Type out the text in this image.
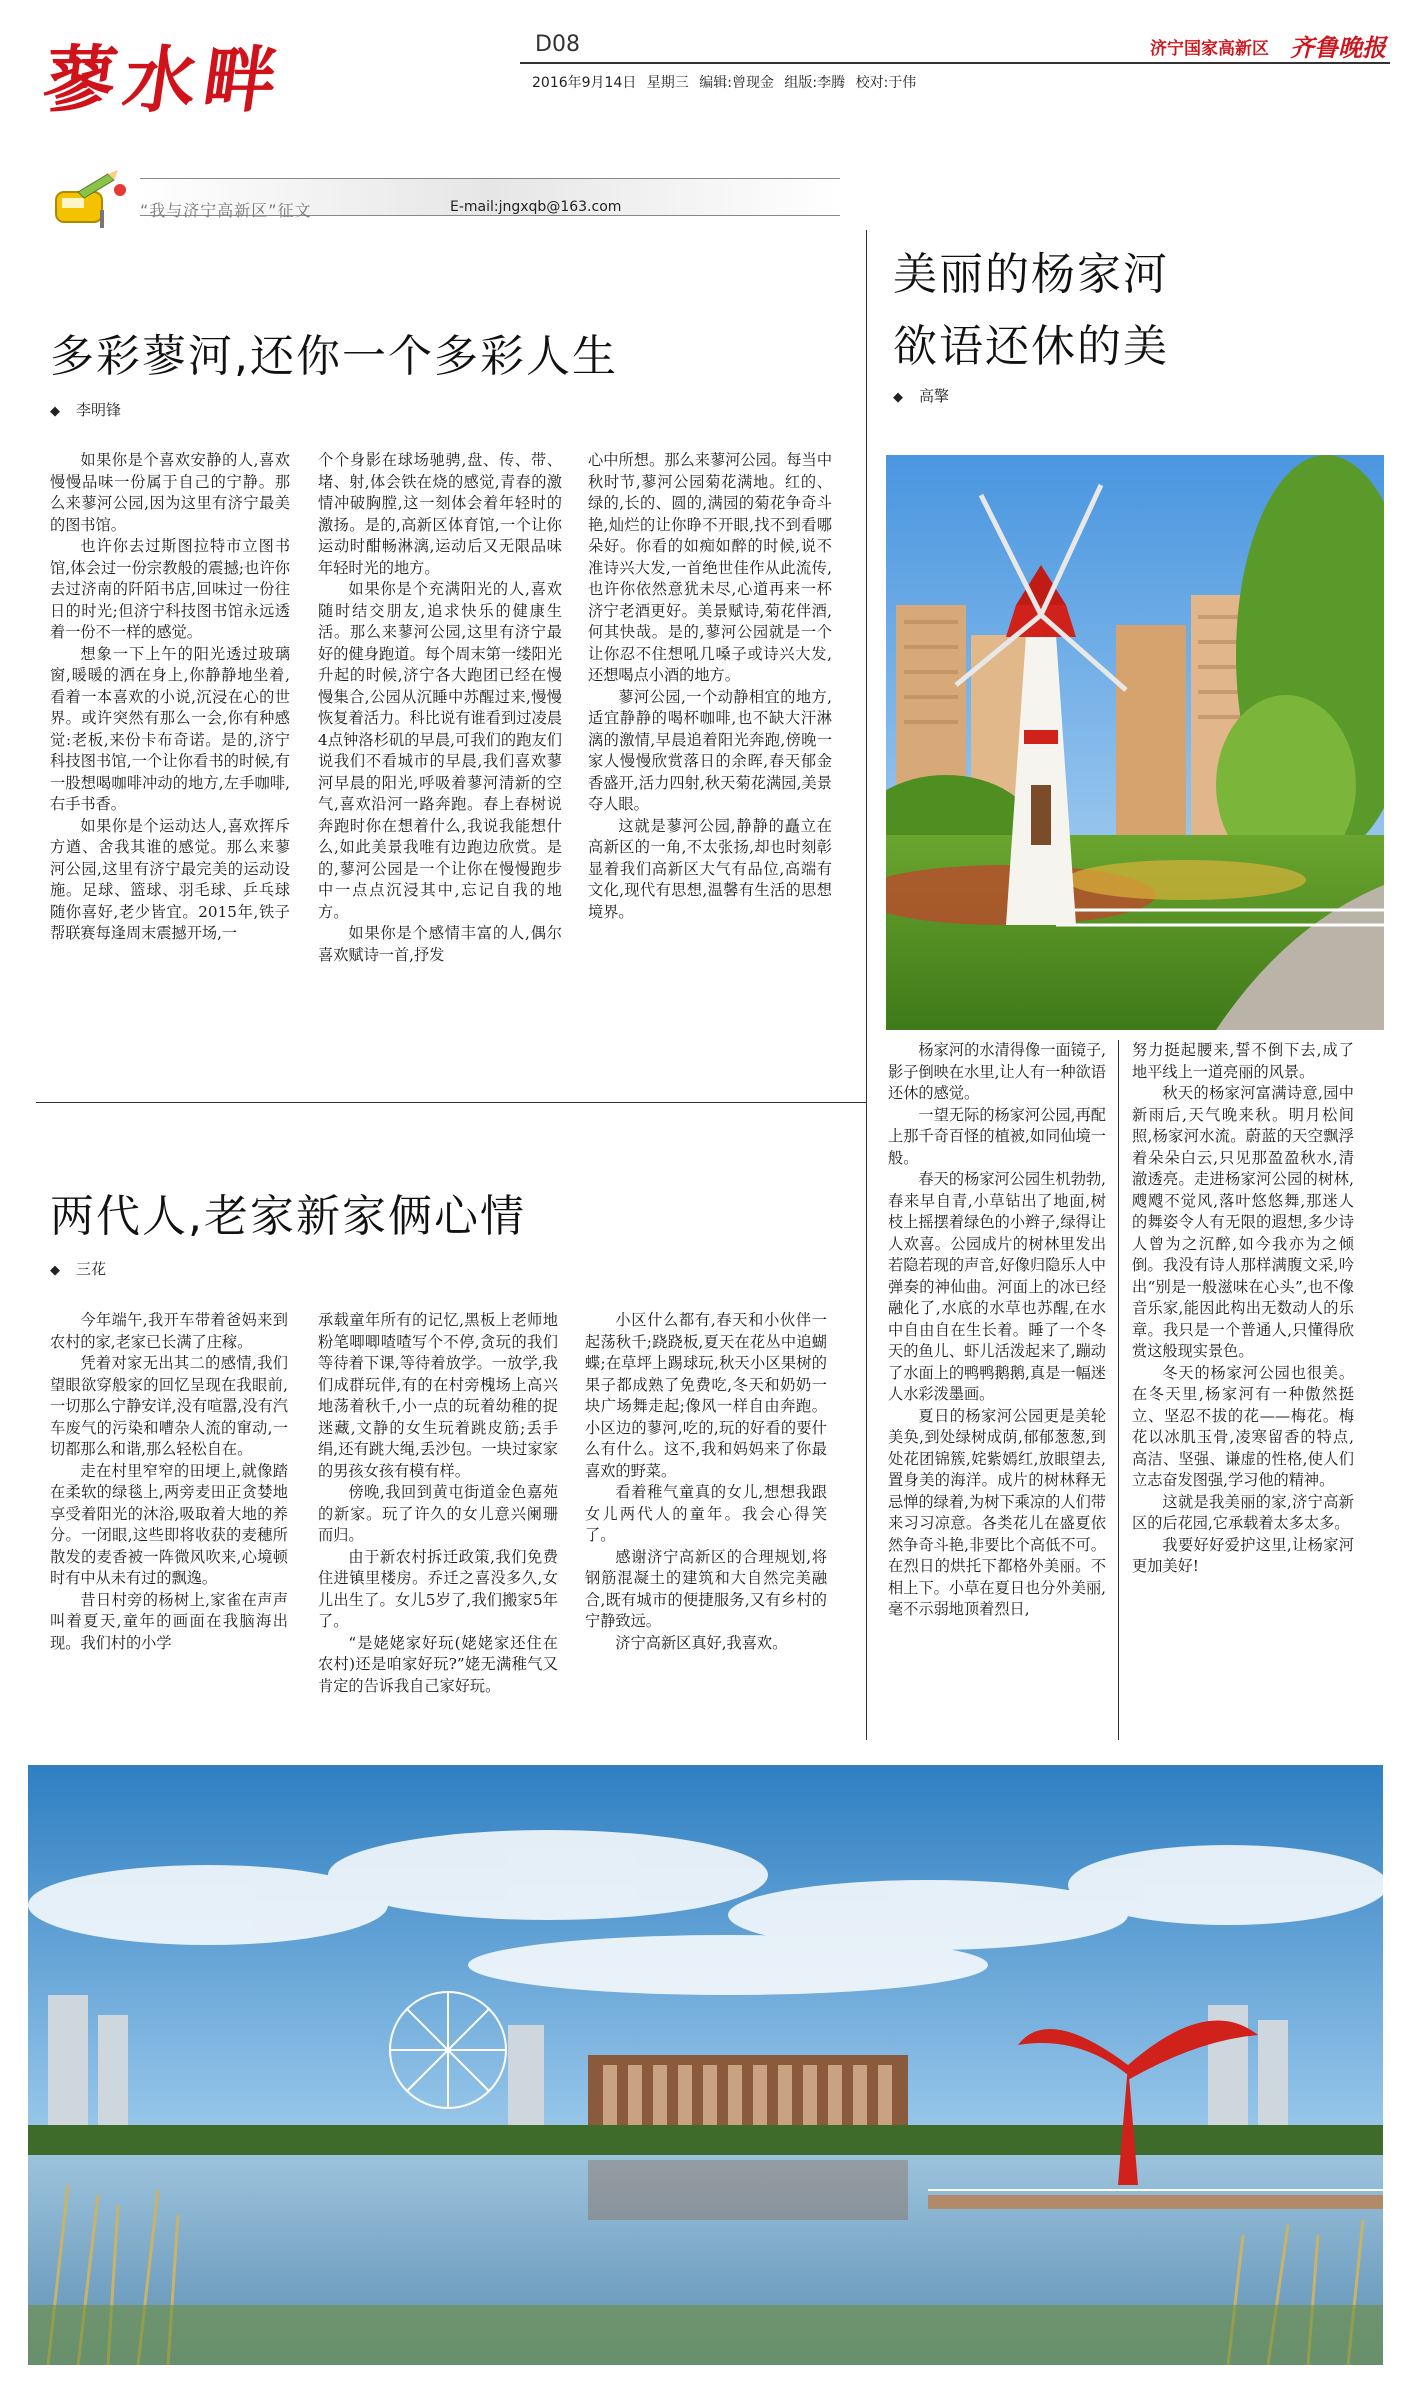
蓼水畔	D08
2016年9月14日 星期三 编辑:曾现金 组版:李腾 校对:于伟
济宁国家高新区 齐鲁晚报
“我与济宁高新区”征文	E-mail:jngxqb@163.com
多彩蓼河,还你一个多彩人生
◆ 李明锋

如果你是个喜欢安静的人,喜欢慢慢品味一份属于自己的宁静。那么来蓼河公园,因为这里有济宁最美的图书馆。

也许你去过斯图拉特市立图书馆,体会过一份宗教般的震撼;也许你去过济南的阡陌书店,回味过一份往日的时光;但济宁科技图书馆永远透着一份不一样的感觉。

想象一下上午的阳光透过玻璃窗,暖暖的洒在身上,你静静地坐着,看着一本喜欢的小说,沉浸在心的世界。或许突然有那么一会,你有种感觉:老板,来份卡布奇诺。是的,济宁科技图书馆,一个让你看书的时候,有一股想喝咖啡冲动的地方,左手咖啡,右手书香。

如果你是个运动达人,喜欢挥斥方遒、舍我其谁的感觉。那么来蓼河公园,这里有济宁最完美的运动设施。足球、篮球、羽毛球、乒乓球随你喜好,老少皆宜。2015年,铁子帮联赛每逢周末震撼开场,一

个个身影在球场驰骋,盘、传、带、堵、射,体会铁在烧的感觉,青春的激情冲破胸膛,这一刻体会着年轻时的激扬。是的,高新区体育馆,一个让你运动时酣畅淋漓,运动后又无限品味年轻时光的地方。

如果你是个充满阳光的人,喜欢随时结交朋友,追求快乐的健康生活。那么来蓼河公园,这里有济宁最好的健身跑道。每个周末第一缕阳光升起的时候,济宁各大跑团已经在慢慢集合,公园从沉睡中苏醒过来,慢慢恢复着活力。科比说有谁看到过凌晨4点钟洛杉矶的早晨,可我们的跑友们说我们不看城市的早晨,我们喜欢蓼河早晨的阳光,呼吸着蓼河清新的空气,喜欢沿河一路奔跑。春上春树说奔跑时你在想着什么,我说我能想什么,如此美景我唯有边跑边欣赏。是的,蓼河公园是一个让你在慢慢跑步中一点点沉浸其中,忘记自我的地方。

如果你是个感情丰富的人,偶尔喜欢赋诗一首,抒发

心中所想。那么来蓼河公园。每当中秋时节,蓼河公园菊花满地。红的、绿的,长的、圆的,满园的菊花争奇斗艳,灿烂的让你睁不开眼,找不到看哪朵好。你看的如痴如醉的时候,说不准诗兴大发,一首绝世佳作从此流传,也许你依然意犹未尽,心道再来一杯济宁老酒更好。美景赋诗,菊花伴酒,何其快哉。是的,蓼河公园就是一个让你忍不住想吼几嗓子或诗兴大发,还想喝点小酒的地方。

蓼河公园,一个动静相宜的地方,适宜静静的喝杯咖啡,也不缺大汗淋漓的激情,早晨追着阳光奔跑,傍晚一家人慢慢欣赏落日的余晖,春天郁金香盛开,活力四射,秋天菊花满园,美景夺人眼。

这就是蓼河公园,静静的矗立在高新区的一角,不太张扬,却也时刻彰显着我们高新区大气有品位,高端有文化,现代有思想,温馨有生活的思想境界。

美丽的杨家河
欲语还休的美
◆ 高擎

杨家河的水清得像一面镜子,影子倒映在水里,让人有一种欲语还休的感觉。

一望无际的杨家河公园,再配上那千奇百怪的植被,如同仙境一般。

春天的杨家河公园生机勃勃,春来早自青,小草钻出了地面,树枝上摇摆着绿色的小辫子,绿得让人欢喜。公园成片的树林里发出若隐若现的声音,好像归隐乐人中弹奏的神仙曲。河面上的冰已经融化了,水底的水草也苏醒,在水中自由自在生长着。睡了一个冬天的鱼儿、虾儿活泼起来了,蹦动了水面上的鸭鸭鹅鹅,真是一幅迷人水彩泼墨画。

夏日的杨家河公园更是美轮美奂,到处绿树成荫,郁郁葱葱,到处花团锦簇,姹紫嫣红,放眼望去,置身美的海洋。成片的树林释无忌惮的绿着,为树下乘凉的人们带来习习凉意。各类花儿在盛夏依然争奇斗艳,非要比个高低不可。在烈日的烘托下都格外美丽。不相上下。小草在夏日也分外美丽,毫不示弱地顶着烈日,

努力挺起腰来,誓不倒下去,成了地平线上一道亮丽的风景。

秋天的杨家河富满诗意,园中新雨后,天气晚来秋。明月松间照,杨家河水流。蔚蓝的天空飘浮着朵朵白云,只见那盈盈秋水,清澈透亮。走进杨家河公园的树林,飕飕不觉风,落叶悠悠舞,那迷人的舞姿令人有无限的遐想,多少诗人曾为之沉醉,如今我亦为之倾倒。我没有诗人那样满腹文采,吟出“别是一般滋味在心头”,也不像音乐家,能因此构出无数动人的乐章。我只是一个普通人,只懂得欣赏这般现实景色。

冬天的杨家河公园也很美。在冬天里,杨家河有一种傲然挺立、坚忍不拔的花——梅花。梅花以冰肌玉骨,凌寒留香的特点,高洁、坚强、谦虚的性格,使人们立志奋发图强,学习他的精神。

这就是我美丽的家,济宁高新区的后花园,它承载着太多太多。

我要好好爱护这里,让杨家河更加美好!

两代人,老家新家俩心情
◆ 三花

今年端午,我开车带着爸妈来到农村的家,老家已长满了庄稼。

凭着对家无出其二的感情,我们望眼欲穿般家的回忆呈现在我眼前,一切那么宁静安详,没有喧嚣,没有汽车废气的污染和嘈杂人流的窜动,一切都那么和谐,那么轻松自在。

走在村里窄窄的田埂上,就像踏在柔软的绿毯上,两旁麦田正贪婪地享受着阳光的沐浴,吸取着大地的养分。一闭眼,这些即将收获的麦穗所散发的麦香被一阵微风吹来,心境顿时有中从未有过的飘逸。

昔日村旁的杨树上,家雀在声声叫着夏天,童年的画面在我脑海出现。我们村的小学

承载童年所有的记忆,黑板上老师地粉笔唧唧喳喳写个不停,贪玩的我们等待着下课,等待着放学。一放学,我们成群玩伴,有的在村旁槐场上高兴地荡着秋千,小一点的玩着幼稚的捉迷藏,文静的女生玩着跳皮筋;丢手绢,还有跳大绳,丢沙包。一块过家家的男孩女孩有模有样。

傍晚,我回到黄屯街道金色嘉苑的新家。玩了许久的女儿意兴阑珊而归。

由于新农村拆迁政策,我们免费住进镇里楼房。乔迁之喜没多久,女儿出生了。女儿5岁了,我们搬家5年了。

“是姥姥家好玩(姥姥家还住在农村)还是咱家好玩?”姥无满稚气又肯定的告诉我自己家好玩。

小区什么都有,春天和小伙伴一起荡秋千;跷跷板,夏天在花丛中追蝴蝶;在草坪上踢球玩,秋天小区果树的果子都成熟了免费吃,冬天和奶奶一块广场舞走起;像风一样自由奔跑。小区边的蓼河,吃的,玩的好看的要什么有什么。这不,我和妈妈来了你最喜欢的野菜。

看着稚气童真的女儿,想想我跟女儿两代人的童年。我会心得笑了。

感谢济宁高新区的合理规划,将钢筋混凝土的建筑和大自然完美融合,既有城市的便捷服务,又有乡村的宁静致远。

济宁高新区真好,我喜欢。
